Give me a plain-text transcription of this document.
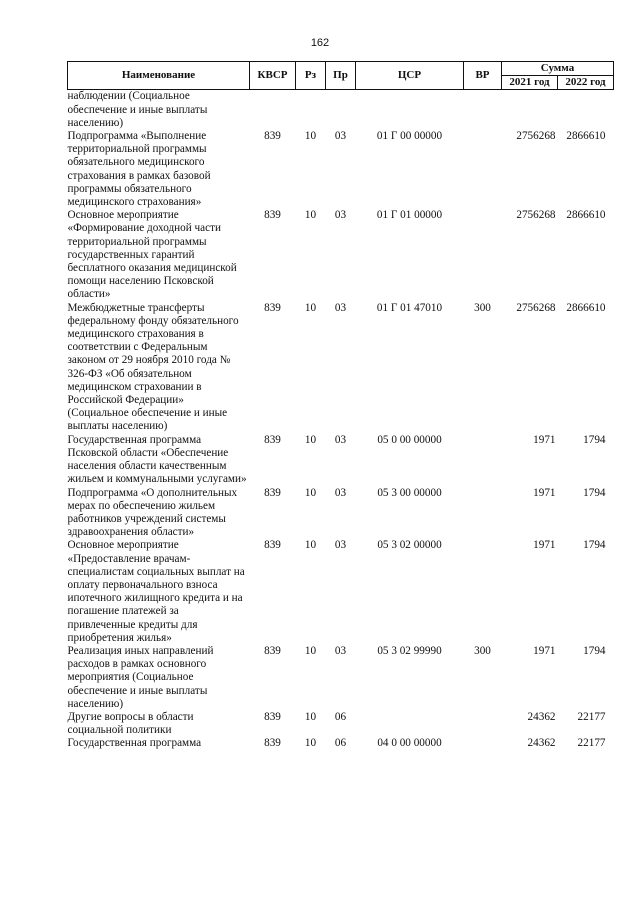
162
Наименование	КВСР	Рз	Пр	ЦСР	ВР	Сумма	
						2021 год	2022 год
наблюдении (Социальное обеспечение и иные выплаты населению)							
Подпрограмма «Выполнение территориальной программы обязательного медицинского страхования в рамках базовой программы обязательного медицинского страхования»	839	10	03	01 Г 00 00000		2756268	2866610
Основное мероприятие «Формирование доходной части территориальной программы государственных гарантий бесплатного оказания медицинской помощи населению Псковской области»	839	10	03	01 Г 01 00000		2756268	2866610
Межбюджетные трансферты федеральному фонду обязательного медицинского страхования в соответствии с Федеральным законом от 29 ноября 2010 года № 326-ФЗ «Об обязательном медицинском страховании в Российской Федерации» (Социальное обеспечение и иные выплаты населению)	839	10	03	01 Г 01 47010	300	2756268	2866610
Государственная программа Псковской области «Обеспечение населения области качественным жильем и коммунальными услугами»	839	10	03	05 0 00 00000		1971	1794
Подпрограмма «О дополнительных мерах по обеспечению жильем работников учреждений системы здравоохранения области»	839	10	03	05 3 00 00000		1971	1794
Основное мероприятие «Предоставление врачам-специалистам социальных выплат на оплату первоначального взноса ипотечного жилищного кредита и на погашение платежей за привлеченные кредиты для приобретения жилья»	839	10	03	05 3 02 00000		1971	1794
Реализация иных направлений расходов в рамках основного мероприятия (Социальное обеспечение и иные выплаты населению)	839	10	03	05 3 02 99990	300	1971	1794
Другие вопросы в области социальной политики	839	10	06			24362	22177
Государственная программа	839	10	06	04 0 00 00000		24362	22177
